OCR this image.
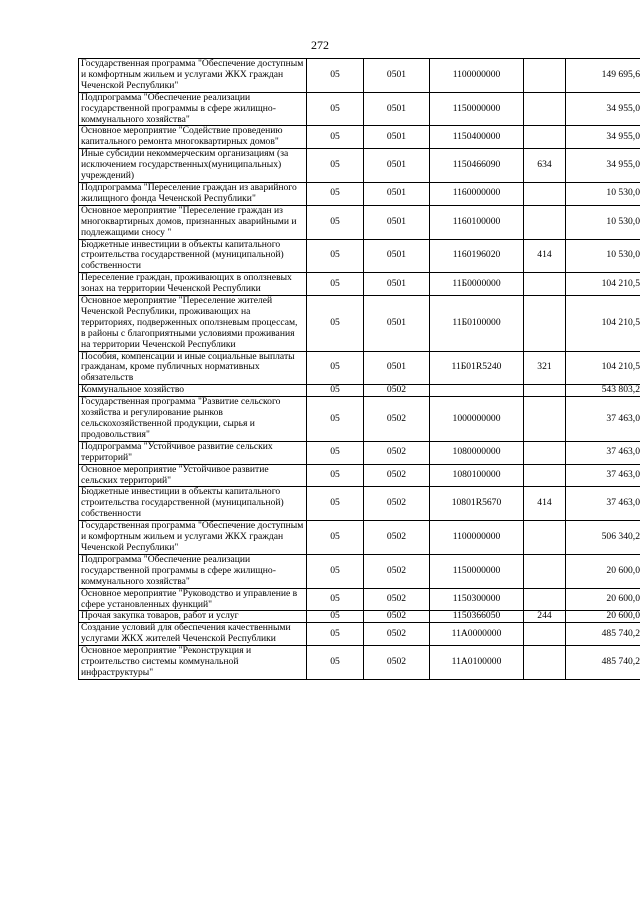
272
Государственная программа "Обеспечение доступным и комфортным жильем и услугами ЖКХ граждан Чеченской Республики"	05	0501	1100000000		149 695,6
Подпрограмма "Обеспечение реализации государственной программы в сфере жилищно-коммунального хозяйства"	05	0501	1150000000		34 955,0
Основное мероприятие "Содействие проведению капитального ремонта многоквартирных домов"	05	0501	1150400000		34 955,0
Иные субсидии некоммерческим организациям (за исключением государственных(муниципальных) учреждений)	05	0501	1150466090	634	34 955,0
Подпрограмма "Переселение граждан из аварийного жилищного фонда Чеченской Республики"	05	0501	1160000000		10 530,0
Основное мероприятие "Переселение граждан из многоквартирных домов, признанных аварийными и подлежащими сносу "	05	0501	1160100000		10 530,0
Бюджетные инвестиции в объекты капитального строительства государственной (муниципальной) собственности	05	0501	1160196020	414	10 530,0
Переселение граждан, проживающих в оползневых зонах на территории Чеченской Республики	05	0501	11Б0000000		104 210,5
Основное мероприятие "Переселение жителей Чеченской Республики, проживающих на территориях, подверженных оползневым процессам, в районы с благоприятными условиями проживания на территории Чеченской Республики	05	0501	11Б0100000		104 210,5
Пособия, компенсации и иные социальные выплаты гражданам, кроме публичных нормативных обязательств	05	0501	11Б01R5240	321	104 210,5
Коммунальное хозяйство	05	0502			543 803,2
Государственная программа "Развитие сельского хозяйства и регулирование рынков сельскохозяйственной продукции, сырья и продовольствия"	05	0502	1000000000		37 463,0
Подпрограмма "Устойчивое развитие сельских территорий"	05	0502	1080000000		37 463,0
Основное мероприятие "Устойчивое развитие сельских территорий"	05	0502	1080100000		37 463,0
Бюджетные инвестиции в объекты капитального строительства государственной (муниципальной) собственности	05	0502	10801R5670	414	37 463,0
Государственная программа "Обеспечение доступным и комфортным жильем и услугами ЖКХ граждан Чеченской Республики"	05	0502	1100000000		506 340,2
Подпрограмма "Обеспечение реализации государственной программы в сфере жилищно-коммунального хозяйства"	05	0502	1150000000		20 600,0
Основное мероприятие "Руководство и управление в сфере установленных функций"	05	0502	1150300000		20 600,0
Прочая закупка товаров, работ и услуг	05	0502	1150366050	244	20 600,0
Создание условий для обеспечения качественными услугами ЖКХ жителей Чеченской Республики	05	0502	11А0000000		485 740,2
Основное мероприятие "Реконструкция и строительство системы коммунальной инфраструктуры"	05	0502	11А0100000		485 740,2
